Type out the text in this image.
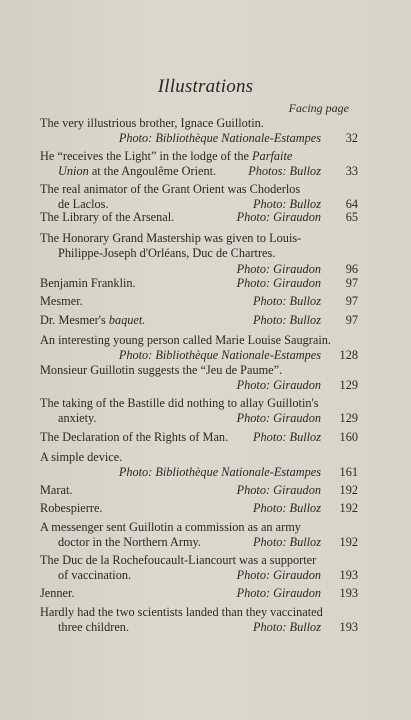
Illustrations
Facing page
The very illustrious brother, Ignace Guillotin.
Photo: Bibliothèque Nationale-Estampes	32
He “receives the Light” in the lodge of the Parfaite
Union at the Angoulême Orient.	Photos: Bulloz	33
The real animator of the Grant Orient was Choderlos
de Laclos.	Photo: Bulloz	64
The Library of the Arsenal.	Photo: Giraudon	65
The Honorary Grand Mastership was given to Louis-
Philippe-Joseph d'Orléans, Duc de Chartres.
Photo: Giraudon	96
Benjamin Franklin.	Photo: Giraudon	97
Mesmer.	Photo: Bulloz	97
Dr. Mesmer's baquet.	Photo: Bulloz	97
An interesting young person called Marie Louise Saugrain.
Photo: Bibliothèque Nationale-Estampes	128
Monsieur Guillotin suggests the “Jeu de Paume”.
Photo: Giraudon	129
The taking of the Bastille did nothing to allay Guillotin's
anxiety.	Photo: Giraudon	129
The Declaration of the Rights of Man. Photo: Bulloz	160
A simple device.
Photo: Bibliothèque Nationale-Estampes	161
Marat.	Photo: Giraudon	192
Robespierre.	Photo: Bulloz	192
A messenger sent Guillotin a commission as an army
doctor in the Northern Army.	Photo: Bulloz	192
The Duc de la Rochefoucault-Liancourt was a supporter
of vaccination.	Photo: Giraudon	193
Jenner.	Photo: Giraudon	193
Hardly had the two scientists landed than they vaccinated
three children.	Photo: Bulloz	193
